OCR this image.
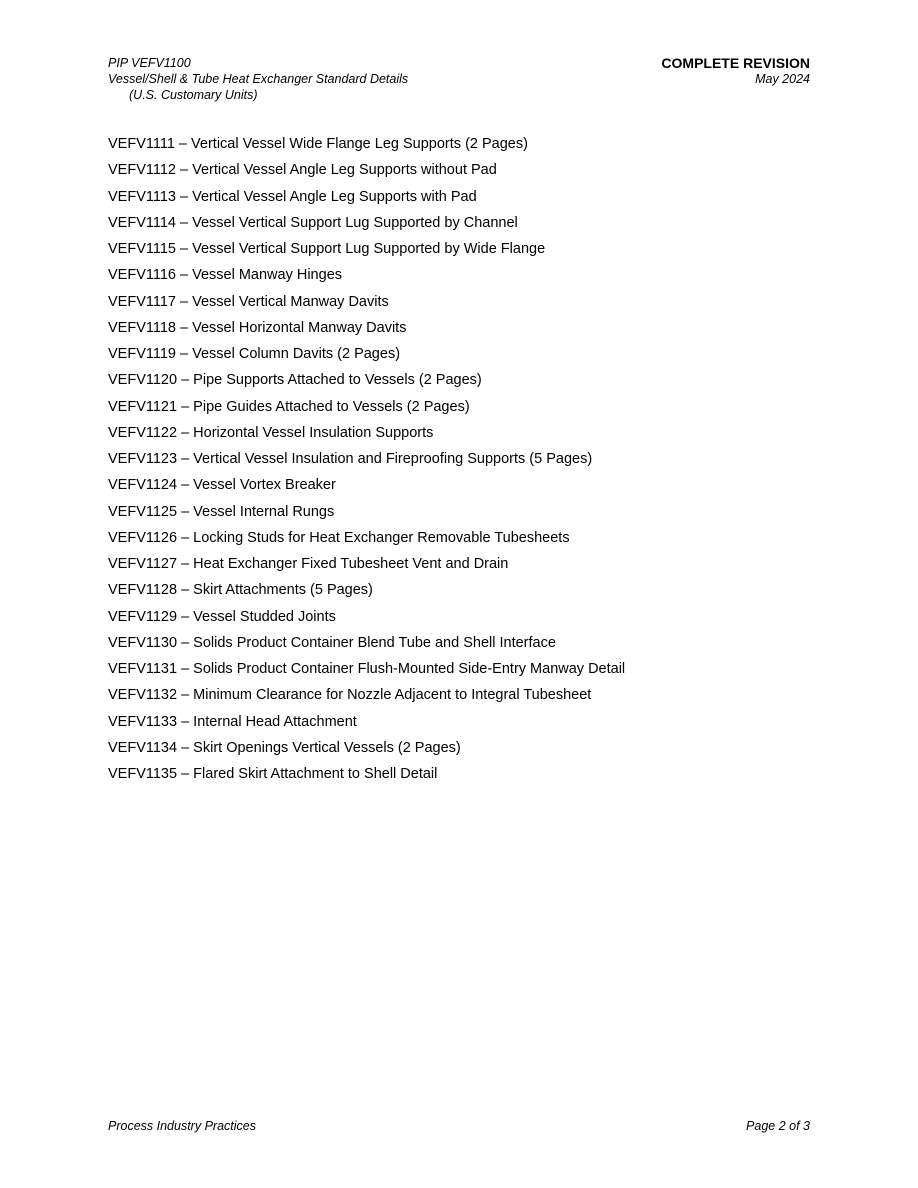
PIP VEFV1100
Vessel/Shell & Tube Heat Exchanger Standard Details
(U.S. Customary Units)
COMPLETE REVISION
May 2024
VEFV1111 – Vertical Vessel Wide Flange Leg Supports (2 Pages)
VEFV1112 – Vertical Vessel Angle Leg Supports without Pad
VEFV1113 – Vertical Vessel Angle Leg Supports with Pad
VEFV1114 – Vessel Vertical Support Lug Supported by Channel
VEFV1115 – Vessel Vertical Support Lug Supported by Wide Flange
VEFV1116 – Vessel Manway Hinges
VEFV1117 – Vessel Vertical Manway Davits
VEFV1118 – Vessel Horizontal Manway Davits
VEFV1119 – Vessel Column Davits (2 Pages)
VEFV1120 – Pipe Supports Attached to Vessels (2 Pages)
VEFV1121 – Pipe Guides Attached to Vessels (2 Pages)
VEFV1122 – Horizontal Vessel Insulation Supports
VEFV1123 – Vertical Vessel Insulation and Fireproofing Supports (5 Pages)
VEFV1124 – Vessel Vortex Breaker
VEFV1125 – Vessel Internal Rungs
VEFV1126 – Locking Studs for Heat Exchanger Removable Tubesheets
VEFV1127 – Heat Exchanger Fixed Tubesheet Vent and Drain
VEFV1128 – Skirt Attachments (5 Pages)
VEFV1129 – Vessel Studded Joints
VEFV1130 – Solids Product Container Blend Tube and Shell Interface
VEFV1131 – Solids Product Container Flush-Mounted Side-Entry Manway Detail
VEFV1132 – Minimum Clearance for Nozzle Adjacent to Integral Tubesheet
VEFV1133 – Internal Head Attachment
VEFV1134 – Skirt Openings Vertical Vessels (2 Pages)
VEFV1135 – Flared Skirt Attachment to Shell Detail
Process Industry Practices	Page 2 of 3
